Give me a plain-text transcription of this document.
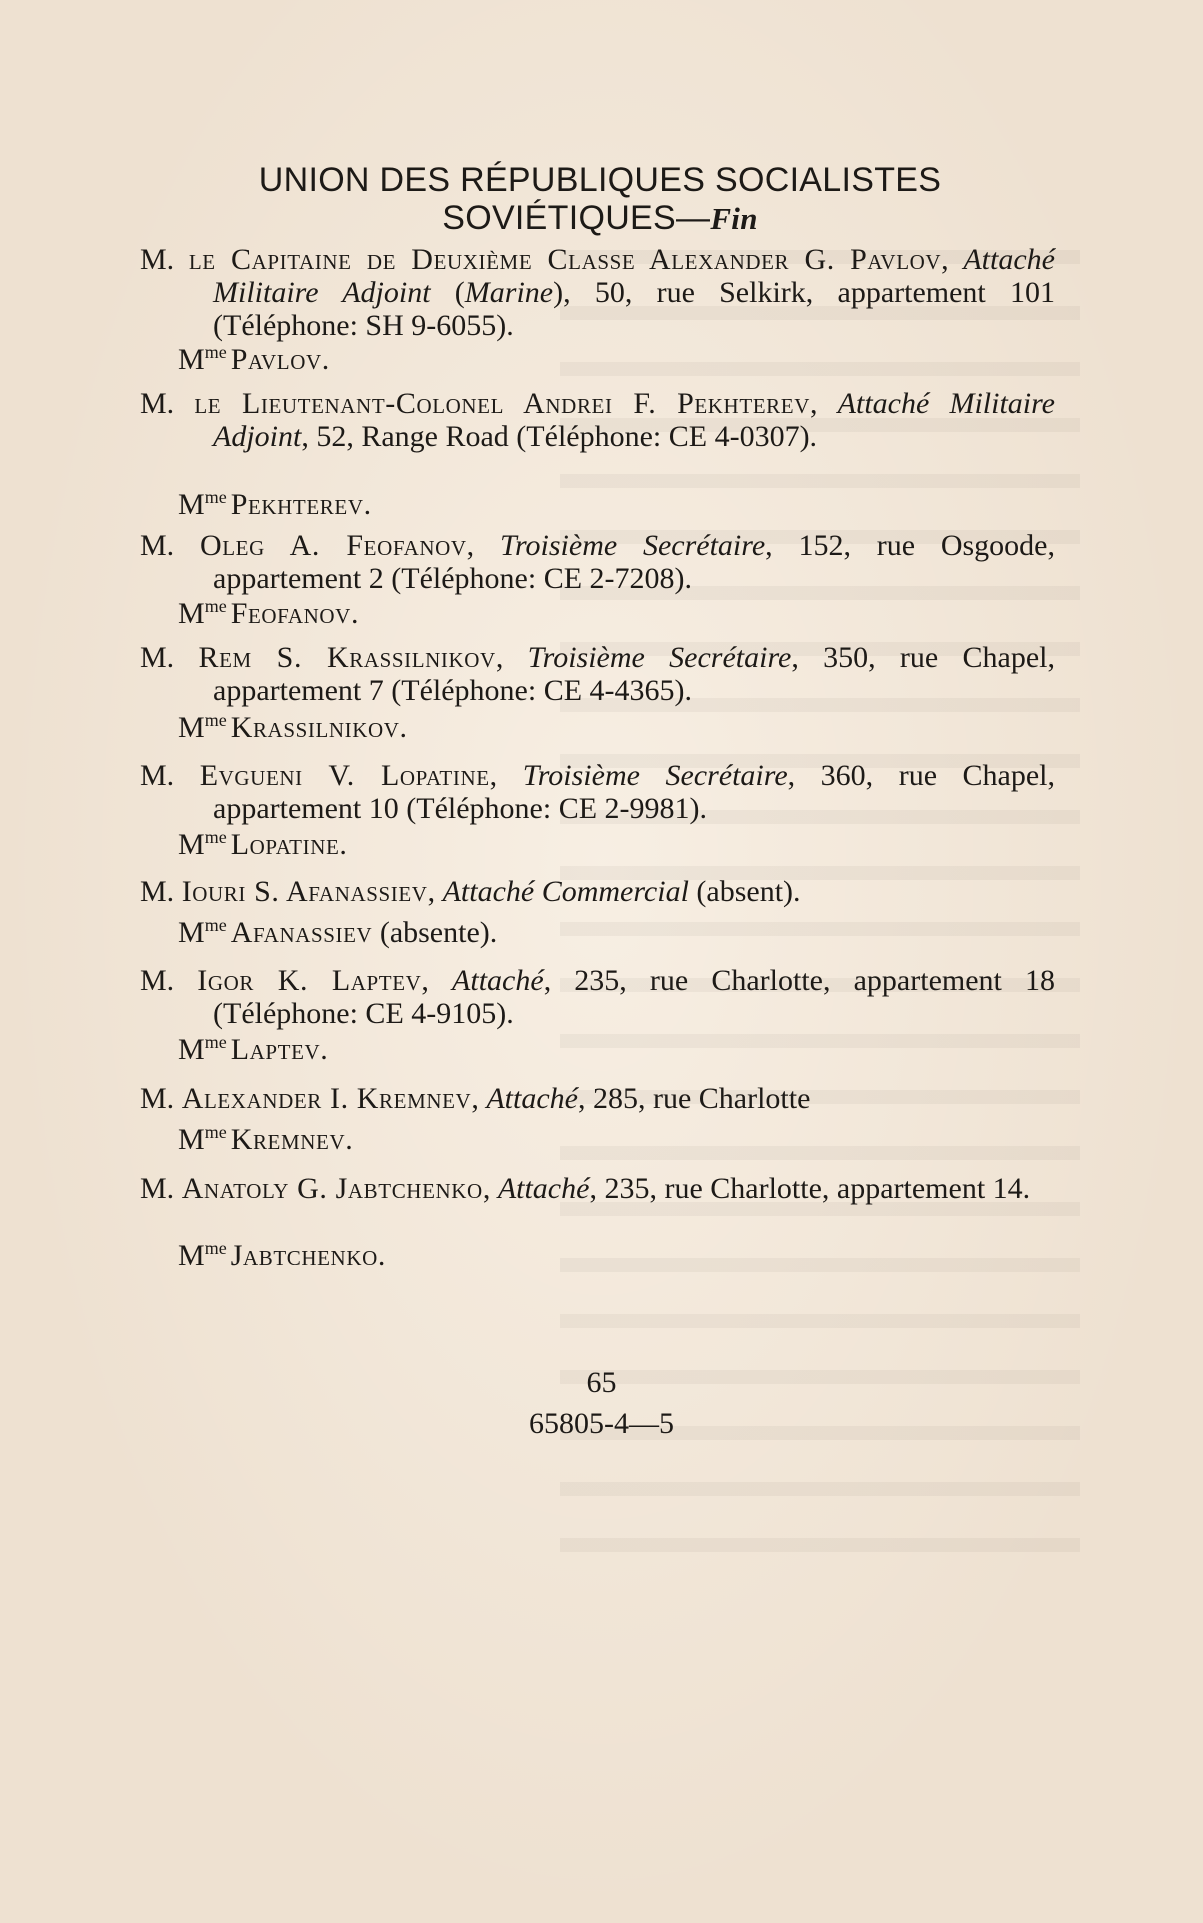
UNION DES RÉPUBLIQUES SOCIALISTES
SOVIÉTIQUES—Fin

M. le Capitaine de Deuxième Classe Alexander G. Pavlov, Attaché Militaire Adjoint (Marine), 50, rue Selkirk, appartement 101 (Téléphone: SH 9-6055).

$M^{me}$ Pavlov.

M. le Lieutenant-Colonel Andrei F. Pekhterev, Attaché Militaire Adjoint, 52, Range Road (Téléphone: CE 4-0307).

$M^{me}$ Pekhterev.

M. Oleg A. Feofanov, Troisième Secrétaire, 152, rue Osgoode, appartement 2 (Téléphone: CE 2-7208).

$M^{me}$ Feofanov.

M. Rem S. Krassilnikov, Troisième Secrétaire, 350, rue Chapel, appartement 7 (Téléphone: CE 4-4365).

$M^{me}$ Krassilnikov.

M. Evgueni V. Lopatine, Troisième Secrétaire, 360, rue Chapel, appartement 10 (Téléphone: CE 2-9981).

$M^{me}$ Lopatine.

M. Iouri S. Afanassiev, Attaché Commercial (absent).

$M^{me}$ Afanassiev (absente).

M. Igor K. Laptev, Attaché, 235, rue Charlotte, appartement 18 (Téléphone: CE 4-9105).

$M^{me}$ Laptev.

M. Alexander I. Kremnev, Attaché, 285, rue Charlotte

$M^{me}$ Kremnev.

M. Anatoly G. Jabtchenko, Attaché, 235, rue Charlotte, appartement 14.

$M^{me}$ Jabtchenko.
65
65805-4—5
